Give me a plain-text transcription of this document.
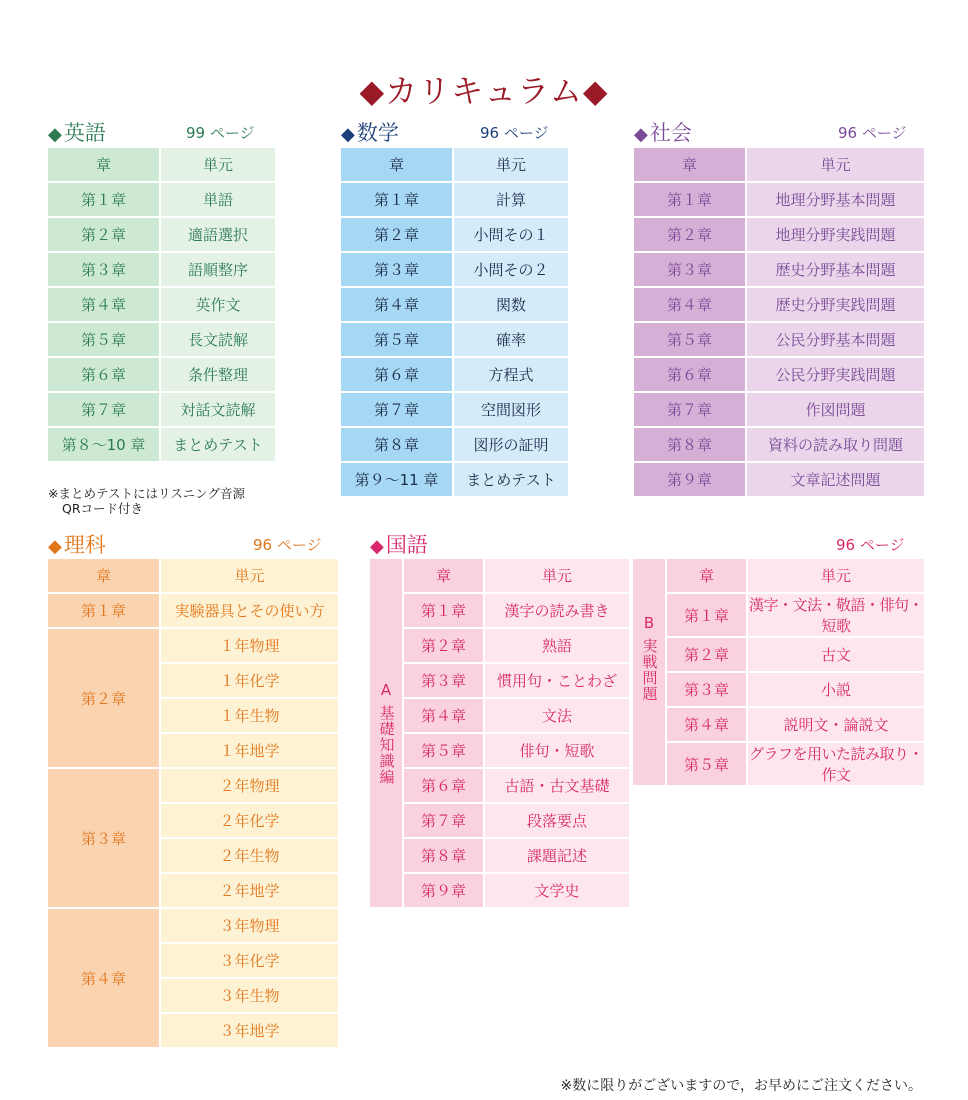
◆カリキュラム◆
◆英語	99 ページ
章	単元
第１章	単語
第２章	適語選択
第３章	語順整序
第４章	英作文
第５章	長文読解
第６章	条件整理
第７章	対話文読解
第８～10 章	まとめテスト
※まとめテストにはリスニング音源
QRコード付き
◆数学	96 ページ
章	単元
第１章	計算
第２章	小問その１
第３章	小問その２
第４章	関数
第５章	確率
第６章	方程式
第７章	空間図形
第８章	図形の証明
第９～11 章	まとめテスト
◆社会	96 ページ
章	単元
第１章	地理分野基本問題
第２章	地理分野実践問題
第３章	歴史分野基本問題
第４章	歴史分野実践問題
第５章	公民分野基本問題
第６章	公民分野実践問題
第７章	作図問題
第８章	資料の読み取り問題
第９章	文章記述問題
◆理科	96 ページ
章	単元
第１章	実験器具とその使い方
第２章	１年物理
	１年化学
	１年生物
	１年地学
第３章	２年物理
	２年化学
	２年生物
	２年地学
第４章	３年物理
	３年化学
	３年生物
	３年地学
◆国語	96 ページ
A
基礎知識編	章	単元
	第１章	漢字の読み書き
	第２章	熟語
	第３章	慣用句・ことわざ
	第４章	文法
	第５章	俳句・短歌
	第６章	古語・古文基礎
	第７章	段落要点
	第８章	課題記述
	第９章	文学史
B
実戦問題	章	単元
	第１章	漢字・文法・敬語・俳句・短歌
	第２章	古文
	第３章	小説
	第４章	説明文・論説文
	第５章	グラフを用いた読み取り・作文
※数に限りがございますので，お早めにご注文ください。
